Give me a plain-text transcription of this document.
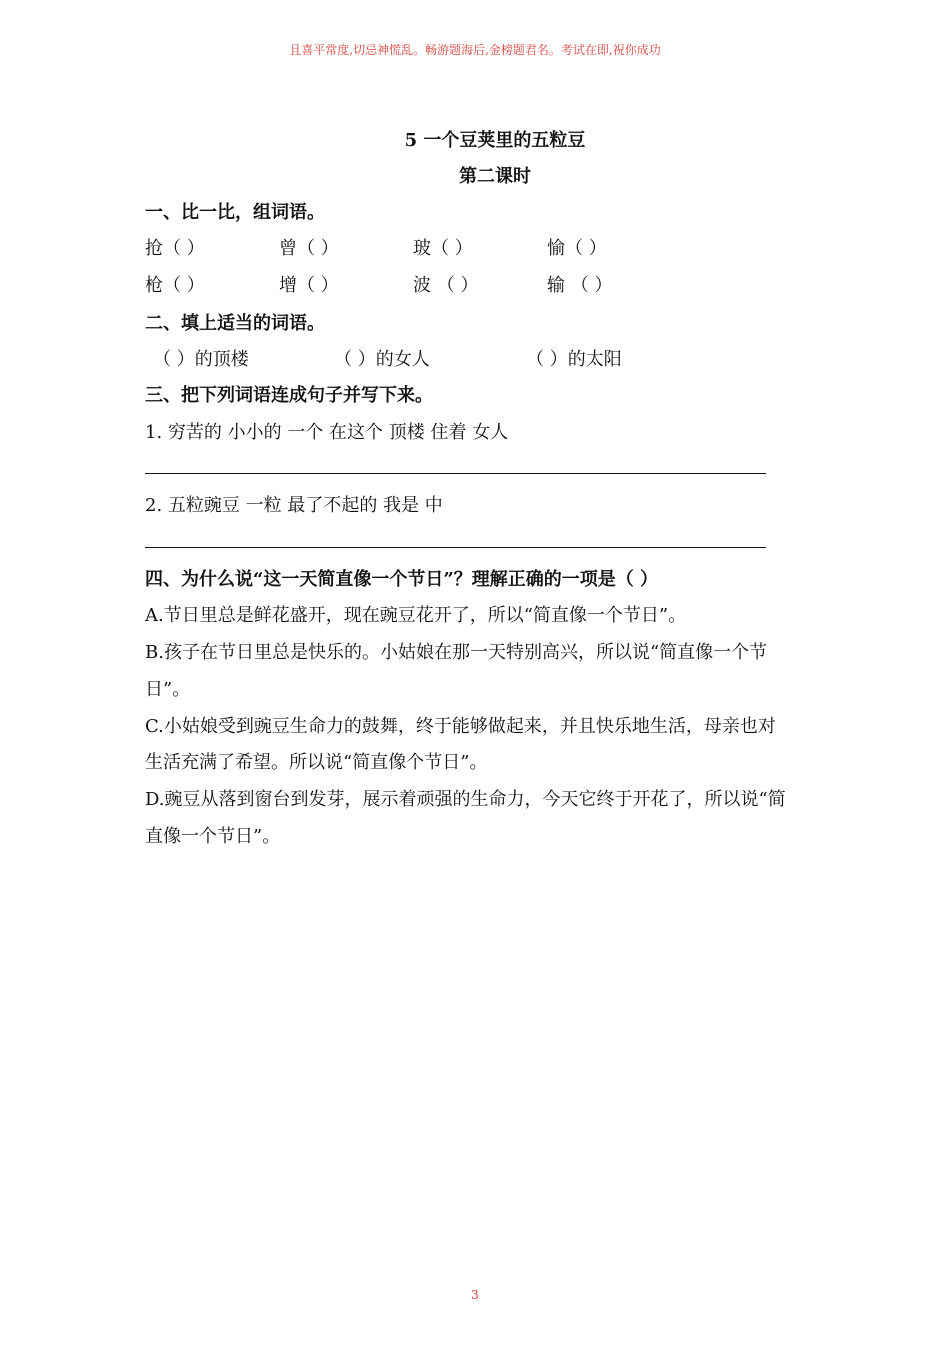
且喜平常度,切忌神慌乱。畅游题海后,金榜题君名。考试在即,祝你成功
5 一个豆荚里的五粒豆
第二课时
一、比一比，组词语。
抢（ ）	曾（ ）	玻（ ）	愉（ ）
枪（ ）	增（ ）	波 （ ）	输 （ ）
二、填上适当的词语。
（ ）的顶楼	（ ）的女人	（ ）的太阳
三、把下列词语连成句子并写下来。
1. 穷苦的 小小的 一个 在这个 顶楼 住着 女人
2. 五粒豌豆 一粒 最了不起的 我是 中
四、为什么说“这一天简直像一个节日”？理解正确的一项是（ ）
A.节日里总是鲜花盛开，现在豌豆花开了，所以“简直像一个节日”。
B.孩子在节日里总是快乐的。小姑娘在那一天特别高兴，所以说“简直像一个节
日”。
C.小姑娘受到豌豆生命力的鼓舞，终于能够做起来，并且快乐地生活，母亲也对
生活充满了希望。所以说“简直像个节日”。
D.豌豆从落到窗台到发芽，展示着顽强的生命力，今天它终于开花了，所以说“简
直像一个节日”。
3
